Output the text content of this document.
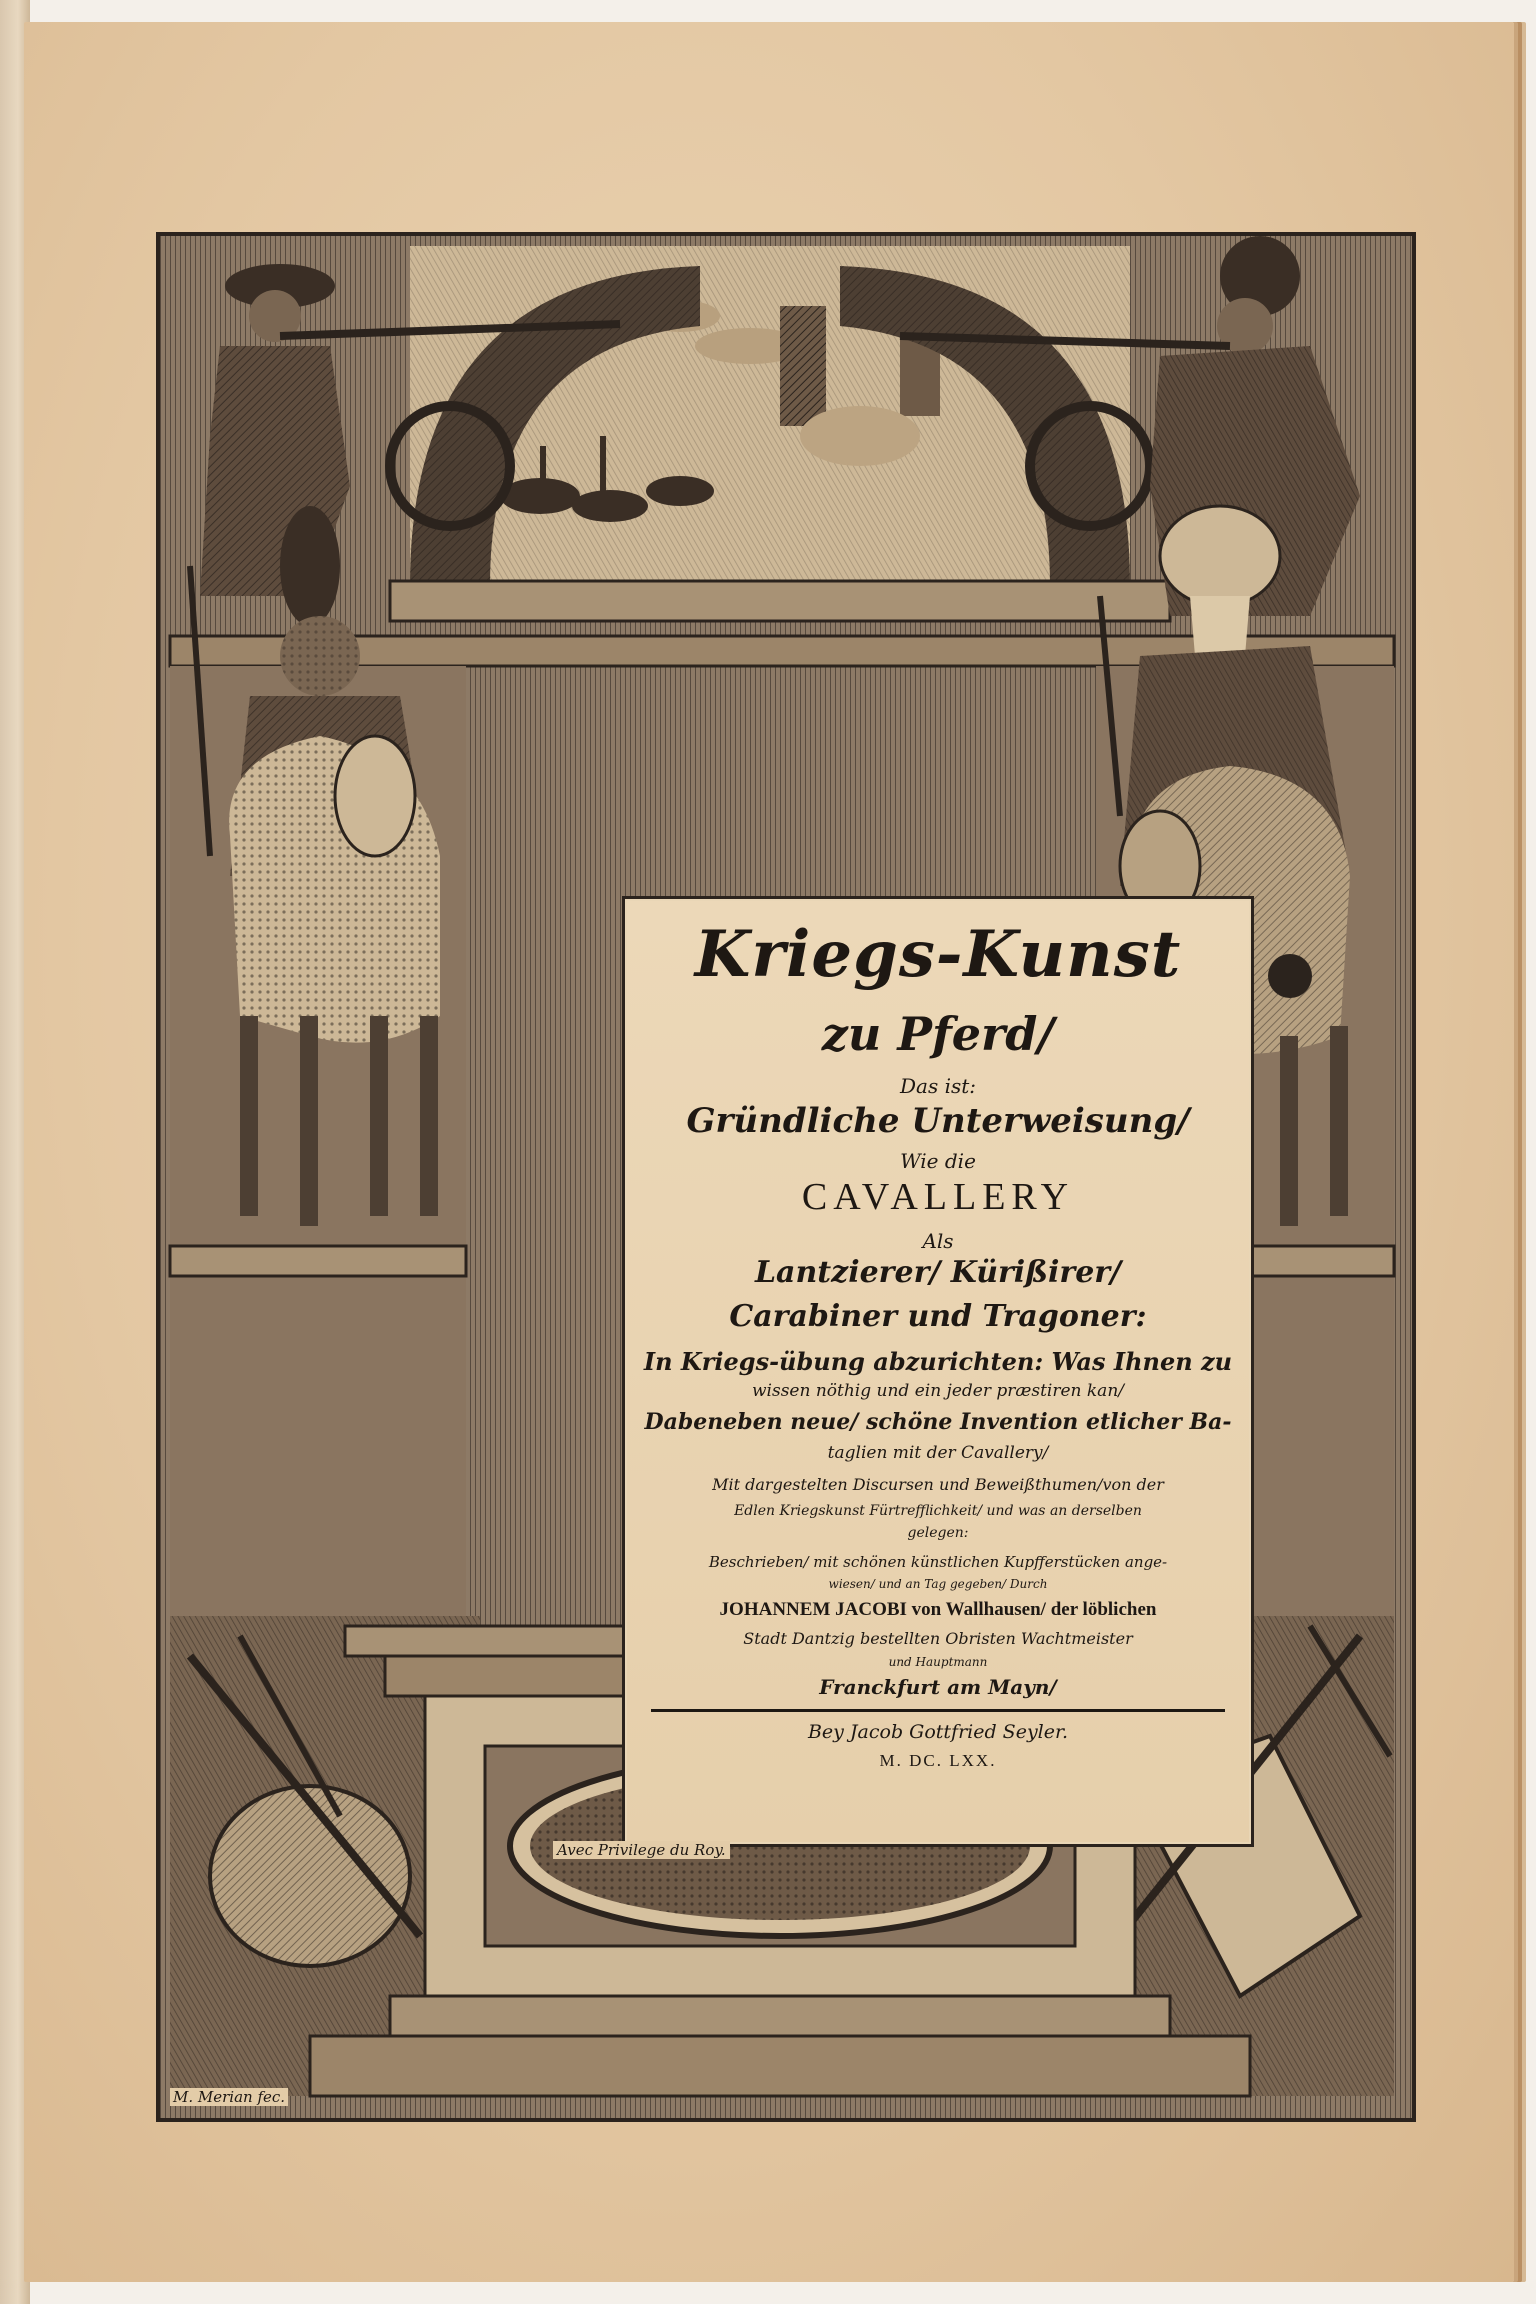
Kriegs-Kunst
zu Pferd/
Das ist:
Gründliche Unterweisung/
Wie die
CAVALLERY
Als
Lantzierer/ Kürißirer/
Carabiner und Tragoner:
In Kriegs-übung abzurichten: Was Ihnen zu
wissen nöthig und ein jeder præstiren kan/
Dabeneben neue/ schöne Invention etlicher Ba-
taglien mit der Cavallery/
Mit dargestelten Discursen und Beweißthumen/von der
Edlen Kriegskunst Fürtrefflichkeit/ und was an derselben
gelegen:
Beschrieben/ mit schönen künstlichen Kupfferstücken ange-
wiesen/ und an Tag gegeben/ Durch
JOHANNEM JACOBI von Wallhausen/ der löblichen
Stadt Dantzig bestellten Obristen Wachtmeister
und Hauptmann
Franckfurt am Mayn/
Bey Jacob Gottfried Seyler.
M. DC. LXX.
Avec Privilege du Roy.
M. Merian fec.
